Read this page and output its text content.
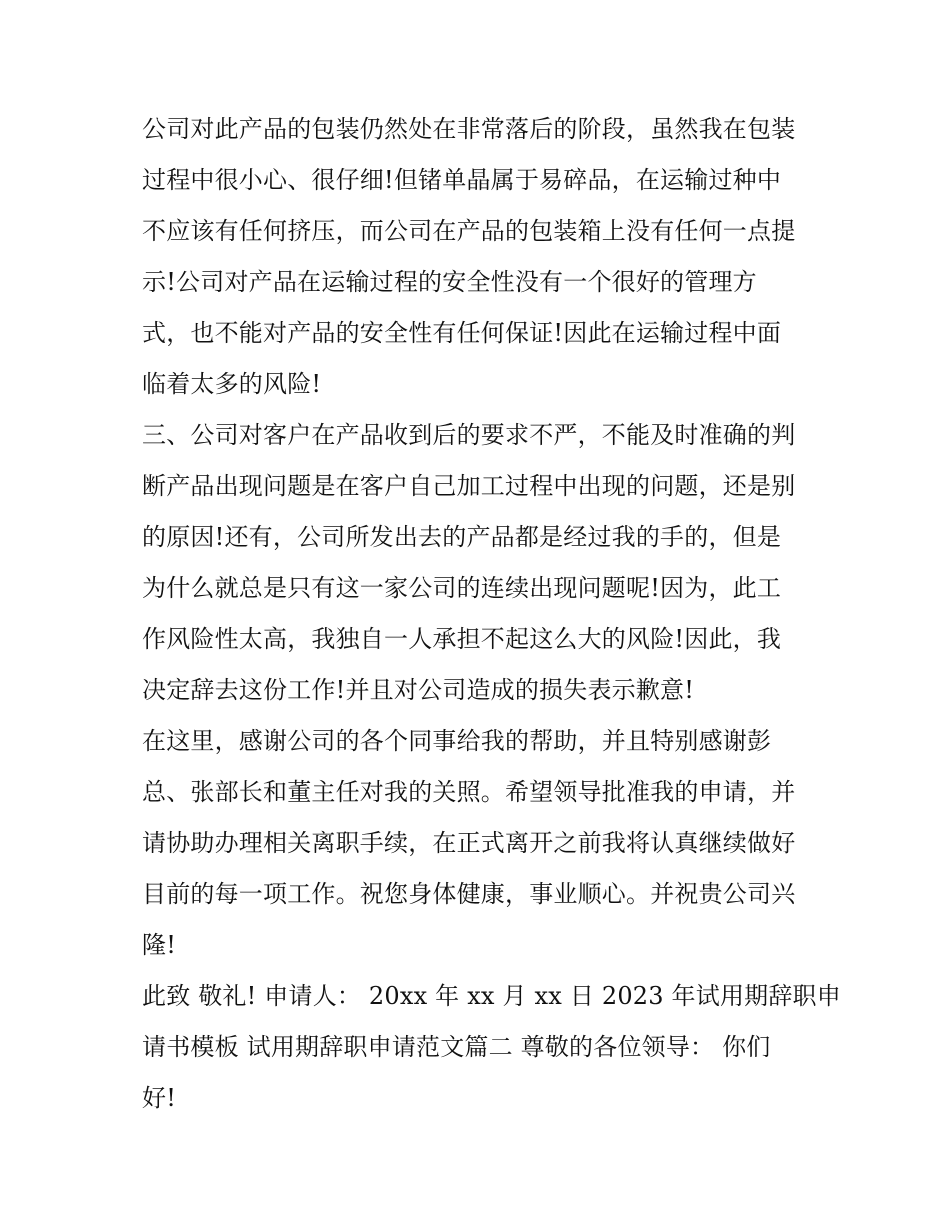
公司对此产品的包装仍然处在非常落后的阶段，虽然我在包装
过程中很小心、很仔细!但锗单晶属于易碎品，在运输过种中
不应该有任何挤压，而公司在产品的包装箱上没有任何一点提
示!公司对产品在运输过程的安全性没有一个很好的管理方
式，也不能对产品的安全性有任何保证!因此在运输过程中面
临着太多的风险!
三、公司对客户在产品收到后的要求不严，不能及时准确的判
断产品出现问题是在客户自己加工过程中出现的问题，还是别
的原因!还有，公司所发出去的产品都是经过我的手的，但是
为什么就总是只有这一家公司的连续出现问题呢!因为，此工
作风险性太高，我独自一人承担不起这么大的风险!因此，我
决定辞去这份工作!并且对公司造成的损失表示歉意!
在这里，感谢公司的各个同事给我的帮助，并且特别感谢彭
总、张部长和董主任对我的关照。希望领导批准我的申请，并
请协助办理相关离职手续，在正式离开之前我将认真继续做好
目前的每一项工作。祝您身体健康，事业顺心。并祝贵公司兴
隆!
此致 敬礼! 申请人： 20xx 年 xx 月 xx 日 2023 年试用期辞职申
请书模板 试用期辞职申请范文篇二 尊敬的各位领导： 你们
好!
